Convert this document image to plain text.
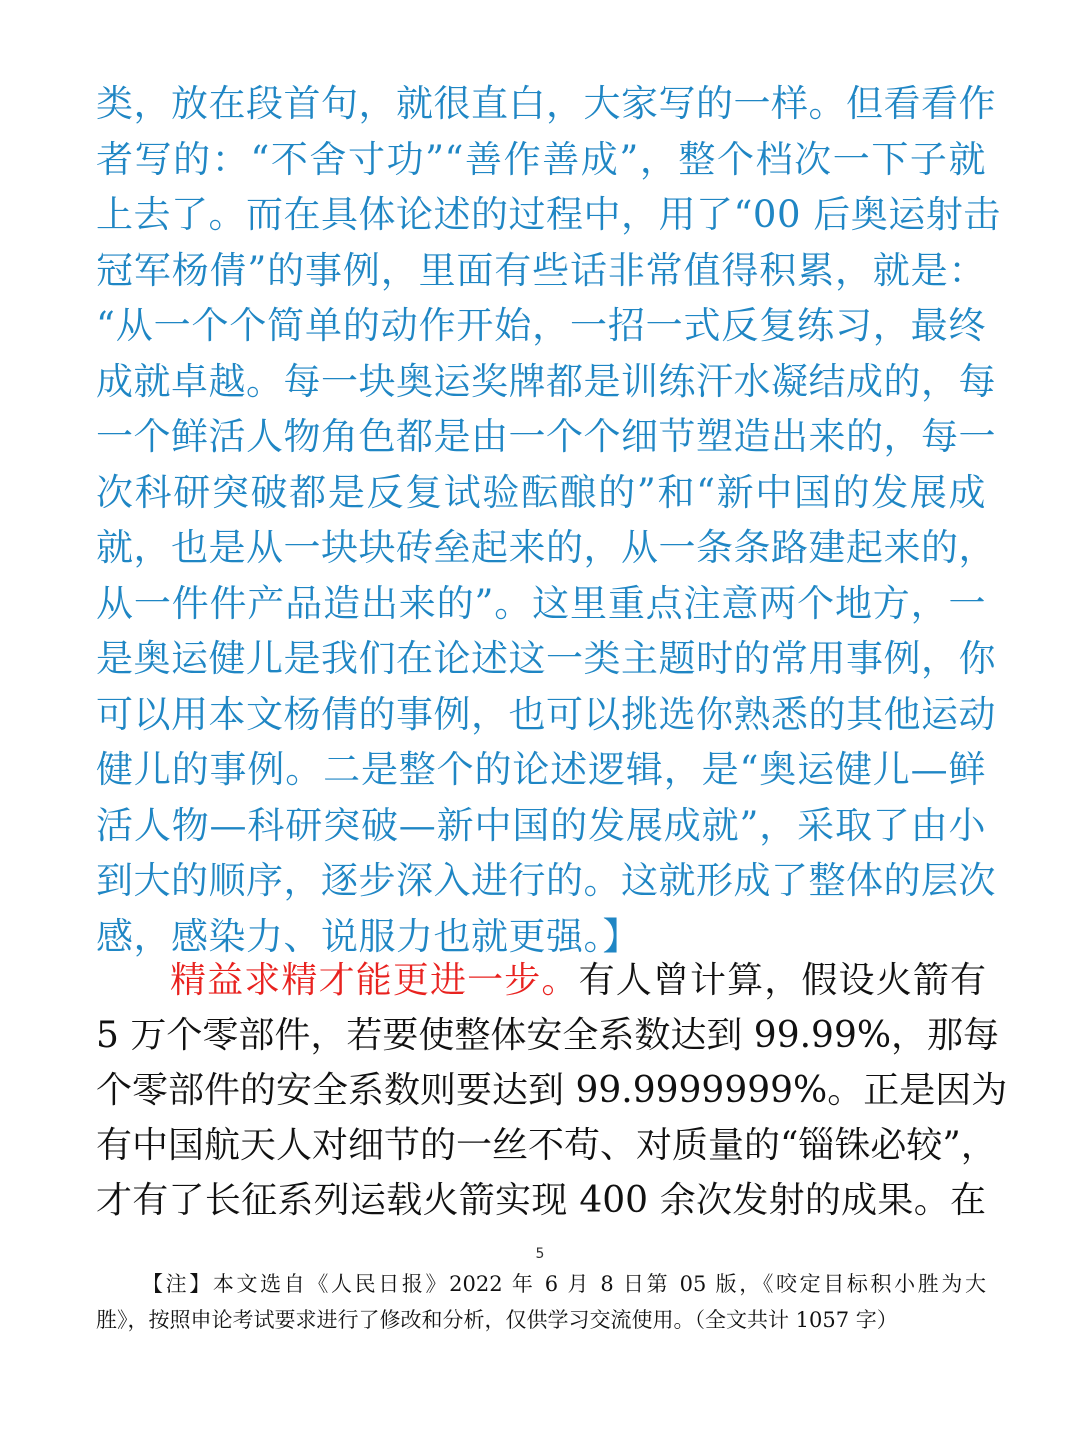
类，放在段首句，就很直白，大家写的一样。但看看作
者写的：“不舍寸功”“善作善成”，整个档次一下子就
上去了。而在具体论述的过程中，用了“00 后奥运射击
冠军杨倩”的事例，里面有些话非常值得积累，就是：
“从一个个简单的动作开始，一招一式反复练习，最终
成就卓越。每一块奥运奖牌都是训练汗水凝结成的，每
一个鲜活人物角色都是由一个个细节塑造出来的，每一
次科研突破都是反复试验酝酿的”和“新中国的发展成
就，也是从一块块砖垒起来的，从一条条路建起来的，
从一件件产品造出来的”。这里重点注意两个地方，一
是奥运健儿是我们在论述这一类主题时的常用事例，你
可以用本文杨倩的事例，也可以挑选你熟悉的其他运动
健儿的事例。二是整个的论述逻辑，是“奥运健儿—鲜
活人物—科研突破—新中国的发展成就”，采取了由小
到大的顺序，逐步深入进行的。这就形成了整体的层次
感，感染力、说服力也就更强。】
精益求精才能更进一步。有人曾计算，假设火箭有
5 万个零部件，若要使整体安全系数达到 99.99%，那每
个零部件的安全系数则要达到 99.9999999%。正是因为
有中国航天人对细节的一丝不苟、对质量的“锱铢必较”，
才有了长征系列运载火箭实现 400 余次发射的成果。在
5
【注】本文选自《人民日报》2022 年 6 月 8 日第 05 版，《咬定目标积小胜为大
胜》，按照申论考试要求进行了修改和分析，仅供学习交流使用。（全文共计 1057 字）
